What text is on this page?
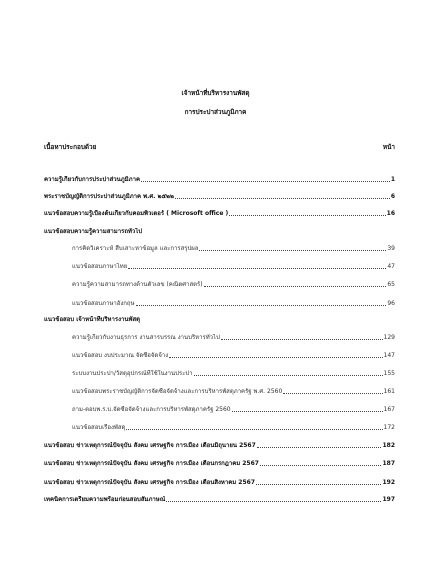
เจ้าหน้าที่บริหารงานพัสดุ
การประปาส่วนภูมิภาค
เนื้อหาประกอบด้วย	หน้า
ความรู้เกี่ยวกับการประปาส่วนภูมิภาค	1
พระราชบัญญัติการประปาส่วนภูมิภาค พ.ศ. ๒๕๒๒	6
แนวข้อสอบความรู้เบื้องต้นเกี่ยวกับคอมพิวเตอร์ ( Microsoft office )	16
แนวข้อสอบความรู้ความสามารถทั่วไป
การคิดวิเคราะห์ สืบเสาะหาข้อมูล และการสรุปผล	39
แนวข้อสอบภาษาไทย	47
ความรู้ความสามารถทางด้านตัวเลข (คณิตศาสตร์)	65
แนวข้อสอบภาษาอังกฤษ	96
แนวข้อสอบ เจ้าหน้าที่บริหารงานพัสดุ
ความรู้เกี่ยวกับงานธุรการ งานสารบรรณ งานบริหารทั่วไป	129
แนวข้อสอบ งบประมาณ จัดซื้อจัดจ้าง	147
ระบบงานประปา/วัสดุอุปกรณ์ที่ใช้ในงานประปา	155
แนวข้อสอบพระราชบัญญัติการจัดซื้อจัดจ้างและการบริหารพัสดุภาครัฐ พ.ศ. 2560	161
ถาม-ตอบพ.ร.บ.จัดซื้อจัดจ้างและการบริหารพัสดุภาครัฐ 2560	167
แนวข้อสอบเรื่องพัสดุ	172
แนวข้อสอบ ข่าวเหตุการณ์ปัจจุบัน สังคม เศรษฐกิจ การเมือง เดือนมิถุนายน 2567	182
แนวข้อสอบ ข่าวเหตุการณ์ปัจจุบัน สังคม เศรษฐกิจ การเมือง เดือนกรกฎาคม 2567	187
แนวข้อสอบ ข่าวเหตุการณ์ปัจจุบัน สังคม เศรษฐกิจ การเมือง เดือนสิงหาคม 2567	192
เทคนิคการเตรียมความพร้อมก่อนสอบสัมภาษณ์	197
